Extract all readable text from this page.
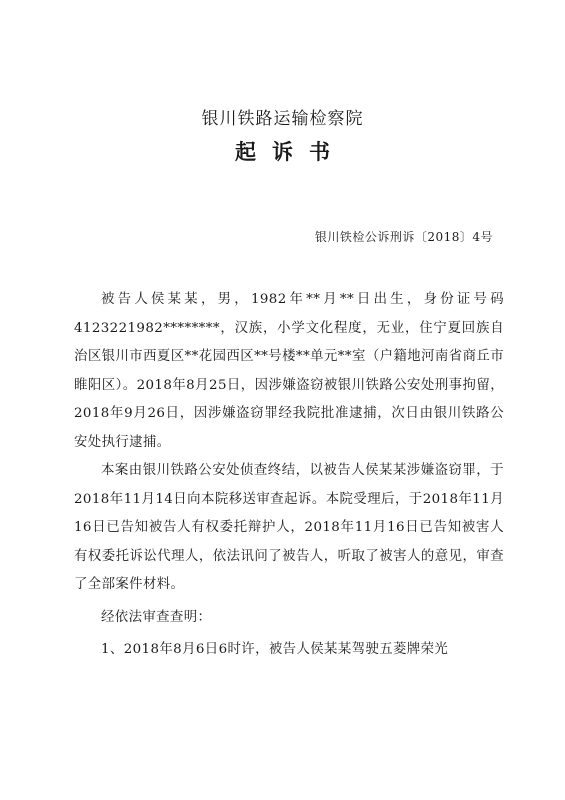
银川铁路运输检察院
起诉书
银川铁检公诉刑诉〔2018〕4号

被告人侯某某，男，1982年**月**日出生，身份证号码4123221982********，汉族，小学文化程度，无业，住宁夏回族自治区银川市西夏区**花园西区**号楼**单元**室（户籍地河南省商丘市睢阳区）。2018年8月25日，因涉嫌盗窃被银川铁路公安处刑事拘留，2018年9月26日，因涉嫌盗窃罪经我院批准逮捕，次日由银川铁路公安处执行逮捕。

本案由银川铁路公安处侦查终结，以被告人侯某某涉嫌盗窃罪，于2018年11月14日向本院移送审查起诉。本院受理后，于2018年11月16日已告知被告人有权委托辩护人，2018年11月16日已告知被害人有权委托诉讼代理人，依法讯问了被告人，听取了被害人的意见，审查了全部案件材料。

经依法审查查明：

1、2018年8月6日6时许，被告人侯某某驾驶五菱牌荣光
